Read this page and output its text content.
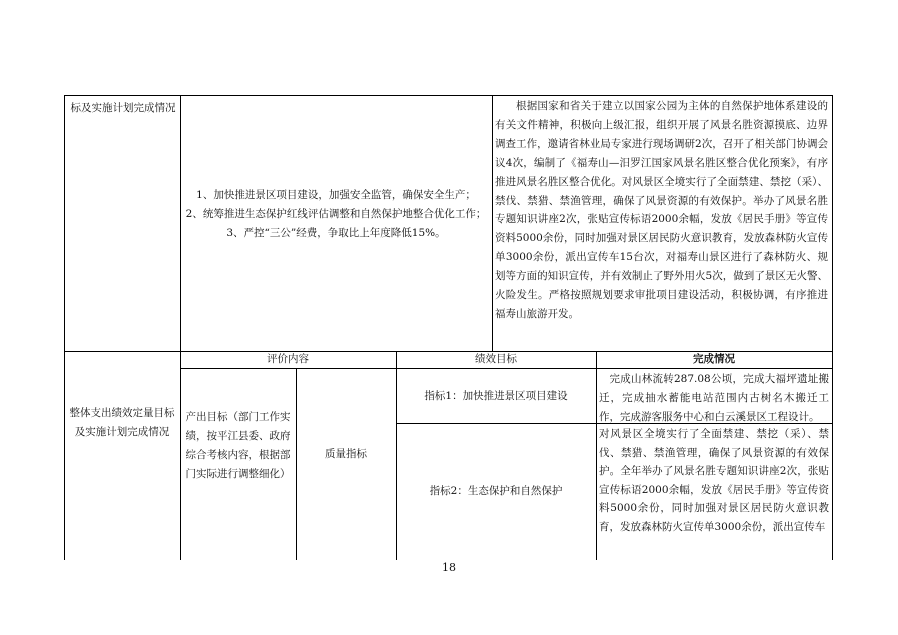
标及实施计划完成情况
1、加快推进景区项目建设，加强安全监管，确保安全生产；
2、统筹推进生态保护红线评估调整和自然保护地整合优化工作；
3、严控“三公”经费，争取比上年度降低15%。
根据国家和省关于建立以国家公园为主体的自然保护地体系建设的有关文件精神，积极向上级汇报，组织开展了风景名胜资源摸底、边界调查工作，邀请省林业局专家进行现场调研2次，召开了相关部门协调会议4次，编制了《福寿山—汨罗江国家风景名胜区整合优化预案》，有序推进风景名胜区整合优化。对风景区全境实行了全面禁建、禁挖（采）、禁伐、禁猎、禁渔管理，确保了风景资源的有效保护。举办了风景名胜专题知识讲座2次，张贴宣传标语2000余幅，发放《居民手册》等宣传资料5000余份，同时加强对景区居民防火意识教育，发放森林防火宣传单3000余份，派出宣传车15台次，对福寿山景区进行了森林防火、规划等方面的知识宣传，并有效制止了野外用火5次，做到了景区无火警、火险发生。严格按照规划要求审批项目建设活动，积极协调，有序推进福寿山旅游开发。
整体支出绩效定量目标及实施计划完成情况
评价内容	绩效目标	完成情况
产出目标（部门工作实绩，按平江县委、政府综合考核内容，根据部门实际进行调整细化）
质量指标
指标1：加快推进景区项目建设
完成山林流转287.08公顷，完成大福坪遗址搬迁，完成抽水蓄能电站范围内古树名木搬迁工作，完成游客服务中心和白云溪景区工程设计。
指标2：生态保护和自然保护
对风景区全境实行了全面禁建、禁挖（采）、禁伐、禁猎、禁渔管理，确保了风景资源的有效保护。全年举办了风景名胜专题知识讲座2次，张贴宣传标语2000余幅，发放《居民手册》等宣传资料5000余份，同时加强对景区居民防火意识教育，发放森林防火宣传单3000余份，派出宣传车
18
